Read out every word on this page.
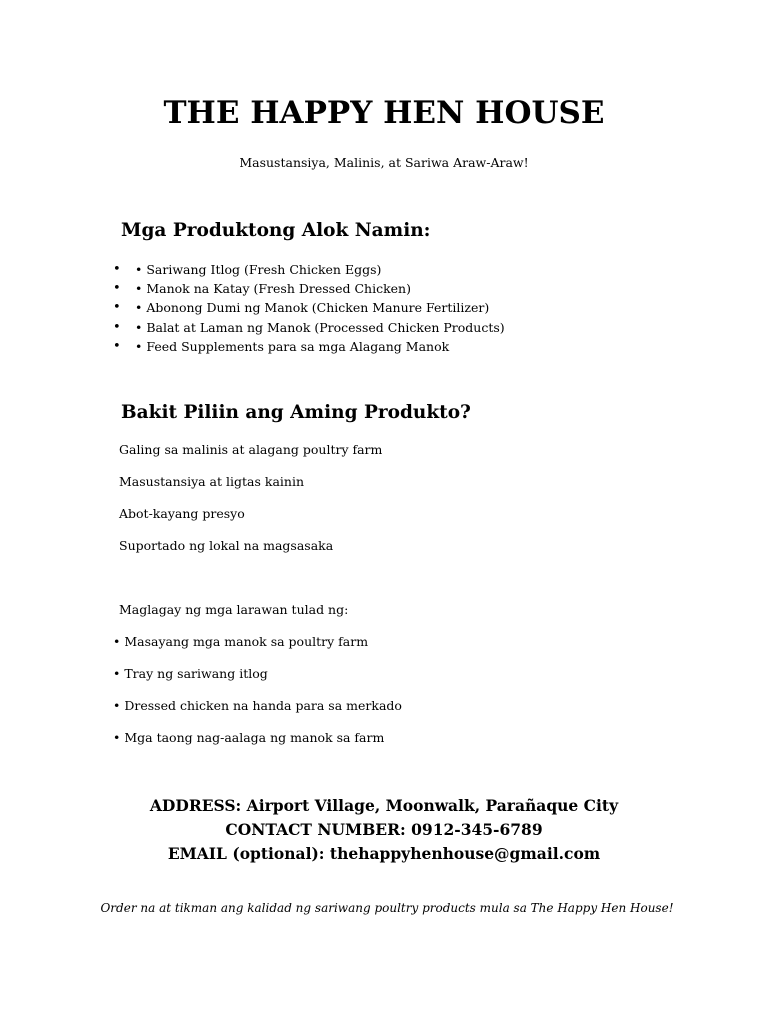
THE HAPPY HEN HOUSE

Masustansiya, Malinis, at Sariwa Araw-Araw!

Mga Produktong Alok Namin:
• • Sariwang Itlog (Fresh Chicken Eggs)
• • Manok na Katay (Fresh Dressed Chicken)
• • Abonong Dumi ng Manok (Chicken Manure Fertilizer)
• • Balat at Laman ng Manok (Processed Chicken Products)
• • Feed Supplements para sa mga Alagang Manok
Bakit Piliin ang Aming Produkto?

Galing sa malinis at alagang poultry farm

Masustansiya at ligtas kainin

Abot-kayang presyo

Suportado ng lokal na magsasaka

Maglagay ng mga larawan tulad ng:

• Masayang mga manok sa poultry farm

• Tray ng sariwang itlog

• Dressed chicken na handa para sa merkado

• Mga taong nag-aalaga ng manok sa farm

ADDRESS: Airport Village, Moonwalk, Parañaque City
CONTACT NUMBER: 0912-345-6789
EMAIL (optional): thehappyhenhouse@gmail.com

Order na at tikman ang kalidad ng sariwang poultry products mula sa The Happy Hen House!
